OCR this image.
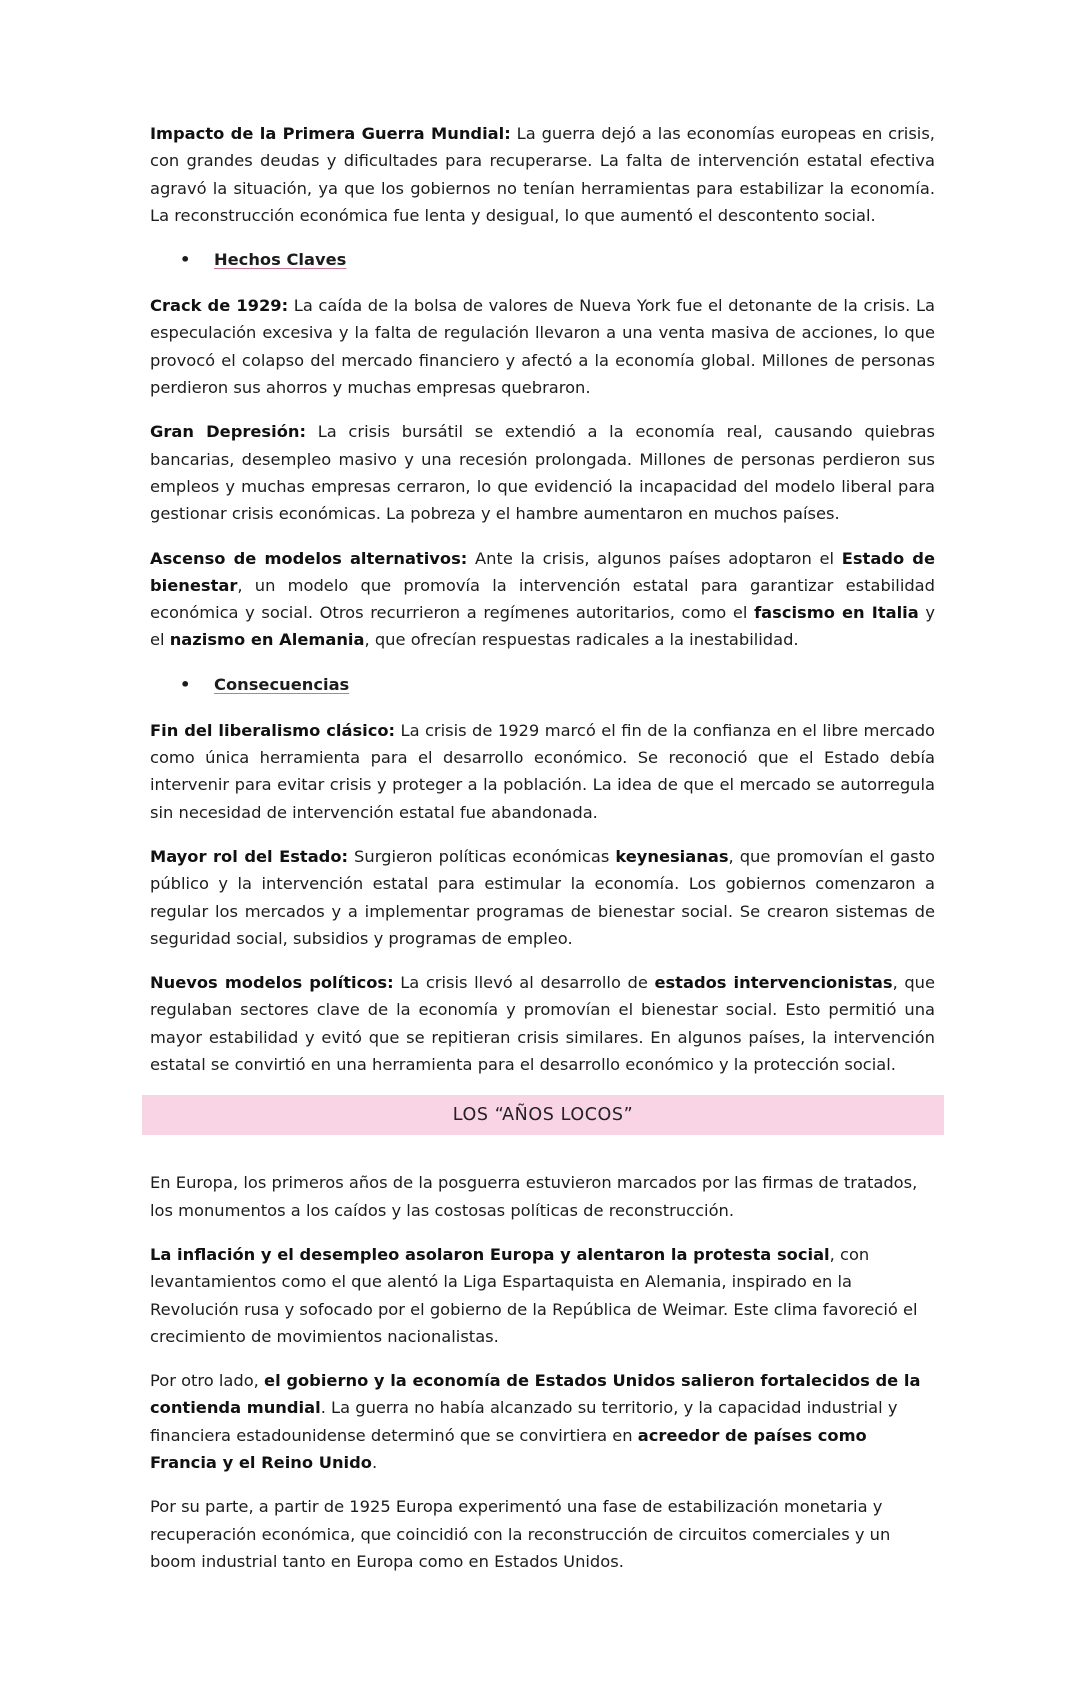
Impacto de la Primera Guerra Mundial: La guerra dejó a las economías europeas en crisis, con grandes deudas y dificultades para recuperarse. La falta de intervención estatal efectiva agravó la situación, ya que los gobiernos no tenían herramientas para estabilizar la economía. La reconstrucción económica fue lenta y desigual, lo que aumentó el descontento social.

• Hechos Claves

Crack de 1929: La caída de la bolsa de valores de Nueva York fue el detonante de la crisis. La especulación excesiva y la falta de regulación llevaron a una venta masiva de acciones, lo que provocó el colapso del mercado financiero y afectó a la economía global. Millones de personas perdieron sus ahorros y muchas empresas quebraron.

Gran Depresión: La crisis bursátil se extendió a la economía real, causando quiebras bancarias, desempleo masivo y una recesión prolongada. Millones de personas perdieron sus empleos y muchas empresas cerraron, lo que evidenció la incapacidad del modelo liberal para gestionar crisis económicas. La pobreza y el hambre aumentaron en muchos países.

Ascenso de modelos alternativos: Ante la crisis, algunos países adoptaron el Estado de bienestar, un modelo que promovía la intervención estatal para garantizar estabilidad económica y social. Otros recurrieron a regímenes autoritarios, como el fascismo en Italia y el nazismo en Alemania, que ofrecían respuestas radicales a la inestabilidad.

• Consecuencias

Fin del liberalismo clásico: La crisis de 1929 marcó el fin de la confianza en el libre mercado como única herramienta para el desarrollo económico. Se reconoció que el Estado debía intervenir para evitar crisis y proteger a la población. La idea de que el mercado se autorregula sin necesidad de intervención estatal fue abandonada.

Mayor rol del Estado: Surgieron políticas económicas keynesianas, que promovían el gasto público y la intervención estatal para estimular la economía. Los gobiernos comenzaron a regular los mercados y a implementar programas de bienestar social. Se crearon sistemas de seguridad social, subsidios y programas de empleo.

Nuevos modelos políticos: La crisis llevó al desarrollo de estados intervencionistas, que regulaban sectores clave de la economía y promovían el bienestar social. Esto permitió una mayor estabilidad y evitó que se repitieran crisis similares. En algunos países, la intervención estatal se convirtió en una herramienta para el desarrollo económico y la protección social.

LOS “AÑOS LOCOS”

En Europa, los primeros años de la posguerra estuvieron marcados por las firmas de tratados, los monumentos a los caídos y las costosas políticas de reconstrucción.

La inflación y el desempleo asolaron Europa y alentaron la protesta social, con levantamientos como el que alentó la Liga Espartaquista en Alemania, inspirado en la Revolución rusa y sofocado por el gobierno de la República de Weimar. Este clima favoreció el crecimiento de movimientos nacionalistas.

Por otro lado, el gobierno y la economía de Estados Unidos salieron fortalecidos de la contienda mundial. La guerra no había alcanzado su territorio, y la capacidad industrial y financiera estadounidense determinó que se convirtiera en acreedor de países como Francia y el Reino Unido.

Por su parte, a partir de 1925 Europa experimentó una fase de estabilización monetaria y recuperación económica, que coincidió con la reconstrucción de circuitos comerciales y un boom industrial tanto en Europa como en Estados Unidos.
